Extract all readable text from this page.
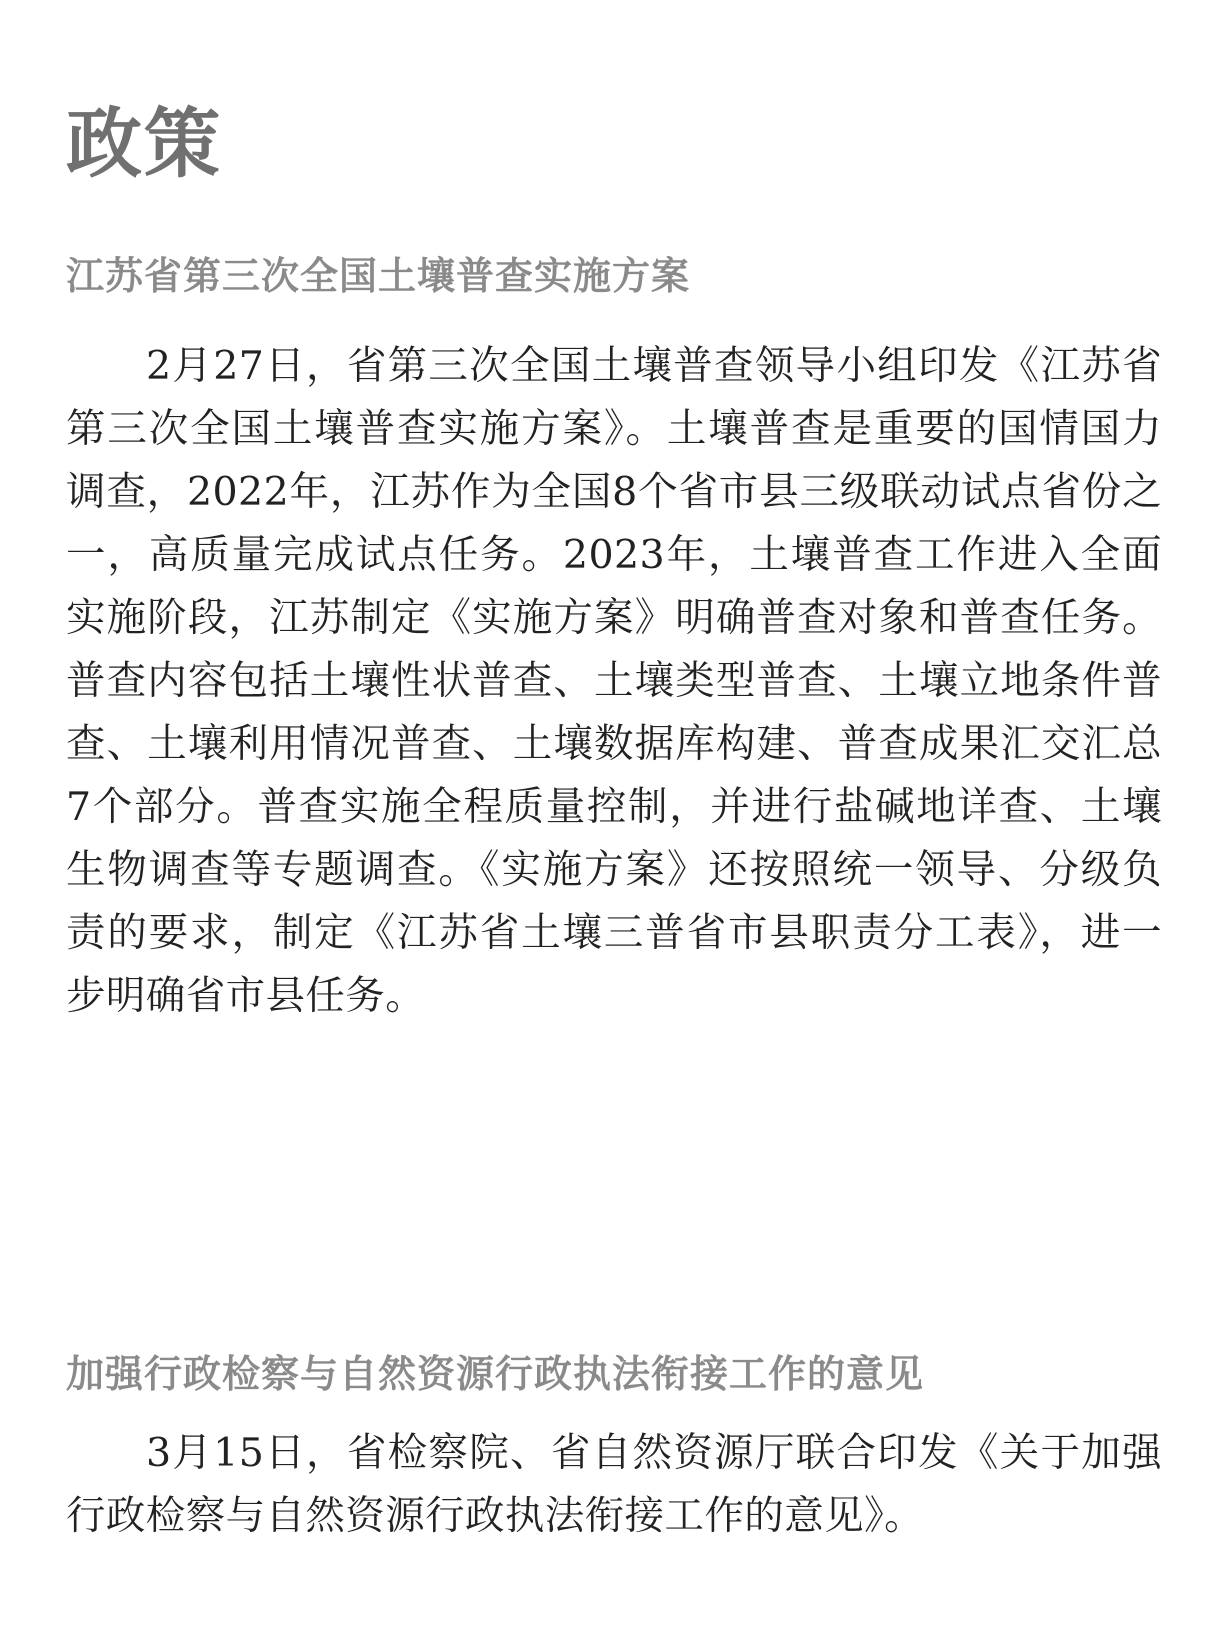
政策
江苏省第三次全国土壤普查实施方案

2月27日，省第三次全国土壤普查领导小组印发《江苏省第三次全国土壤普查实施方案》。土壤普查是重要的国情国力调查，2022年，江苏作为全国8个省市县三级联动试点省份之一，高质量完成试点任务。2023年，土壤普查工作进入全面实施阶段，江苏制定《实施方案》明确普查对象和普查任务。普查内容包括土壤性状普查、土壤类型普查、土壤立地条件普查、土壤利用情况普查、土壤数据库构建、普查成果汇交汇总7个部分。普查实施全程质量控制，并进行盐碱地详查、土壤生物调查等专题调查。《实施方案》还按照统一领导、分级负责的要求，制定《江苏省土壤三普省市县职责分工表》，进一步明确省市县任务。

加强行政检察与自然资源行政执法衔接工作的意见

3月15日，省检察院、省自然资源厅联合印发《关于加强行政检察与自然资源行政执法衔接工作的意见》。
